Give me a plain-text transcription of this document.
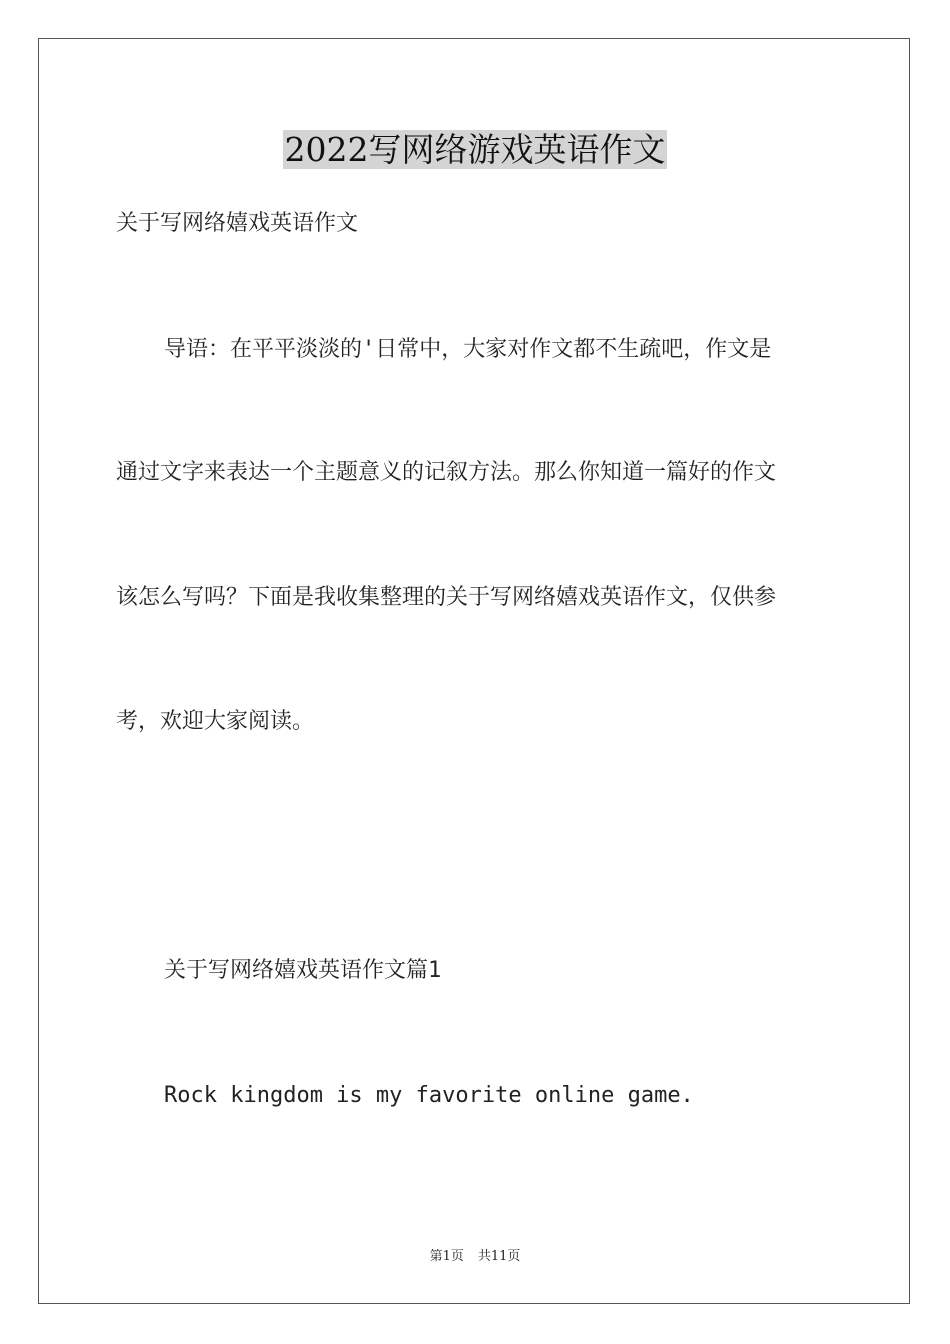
2022写网络游戏英语作文
关于写网络嬉戏英语作文
导语：在平平淡淡的'日常中，大家对作文都不生疏吧，作文是
通过文字来表达一个主题意义的记叙方法。那么你知道一篇好的作文
该怎么写吗？下面是我收集整理的关于写网络嬉戏英语作文，仅供参
考，欢迎大家阅读。
关于写网络嬉戏英语作文篇1
Rock kingdom is my favorite online game.
第1页 共11页
